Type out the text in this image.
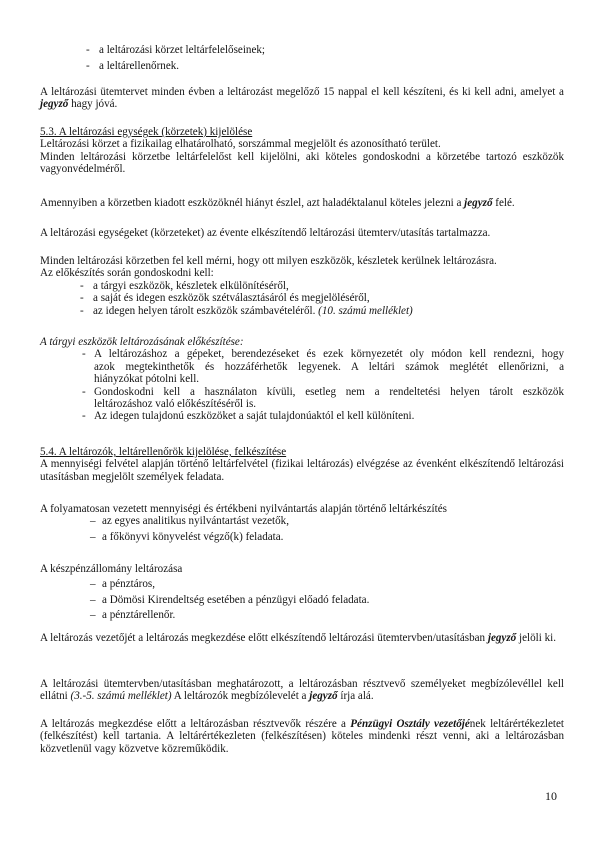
- a leltározási körzet leltárfelelőseinek;
- a leltárellenőrnek.

A leltározási ütemtervet minden évben a leltározást megelőző 15 nappal el kell készíteni, és ki kell adni, amelyet a jegyző hagy jóvá.

5.3. A leltározási egységek (körzetek) kijelölése
Leltározási körzet a fizikailag elhatárolható, sorszámmal megjelölt és azonosítható terület.

Minden leltározási körzetbe leltárfelelőst kell kijelölni, aki köteles gondoskodni a körzetébe tartozó eszközök vagyonvédelméről.

Amennyiben a körzetben kiadott eszközöknél hiányt észlel, azt haladéktalanul köteles jelezni a jegyző felé.

A leltározási egységeket (körzeteket) az évente elkészítendő leltározási ütemterv/utasítás tartalmazza.

Minden leltározási körzetben fel kell mérni, hogy ott milyen eszközök, készletek kerülnek leltározásra.
Az előkészítés során gondoskodni kell:
- a tárgyi eszközök, készletek elkülönítéséről,
- a saját és idegen eszközök szétválasztásáról és megjelöléséről,
- az idegen helyen tárolt eszközök számbavételéről. (10. számú melléklet)
A tárgyi eszközök leltározásának előkészítése:
- A leltározáshoz a gépeket, berendezéseket és ezek környezetét oly módon kell rendezni, hogy
azok megtekinthetők és hozzáférhetők legyenek. A leltári számok meglétét ellenőrizni, a
hiányzókat pótolni kell.
- Gondoskodni kell a használaton kívüli, esetleg nem a rendeltetési helyen tárolt eszközök
leltározáshoz való előkészítéséről is.
- Az idegen tulajdonú eszközöket a saját tulajdonúaktól el kell különíteni.
5.4. A leltározók, leltárellenőrök kijelölése, felkészítése

A mennyiségi felvétel alapján történő leltárfelvétel (fizikai leltározás) elvégzése az évenként elkészítendő leltározási utasításban megjelölt személyek feladata.

A folyamatosan vezetett mennyiségi és értékbeni nyilvántartás alapján történő leltárkészítés
– az egyes analitikus nyilvántartást vezetők,
– a főkönyvi könyvelést végző(k) feladata.
A készpénzállomány leltározása
– a pénztáros,
– a Dömösi Kirendeltség esetében a pénzügyi előadó feladata.
– a pénztárellenőr.

A leltározás vezetőjét a leltározás megkezdése előtt elkészítendő leltározási ütemtervben/utasításban jegyző jelöli ki.

A leltározási ütemtervben/utasításban meghatározott, a leltározásban résztvevő személyeket megbízólevéllel kell ellátni (3.-5. számú melléklet) A leltározók megbízólevelét a jegyző írja alá.

A leltározás megkezdése előtt a leltározásban résztvevők részére a Pénzügyi Osztály vezetőjének leltárértékezletet (felkészítést) kell tartania. A leltárértékezleten (felkészítésen) köteles mindenki részt venni, aki a leltározásban közvetlenül vagy közvetve közreműködik.

10
